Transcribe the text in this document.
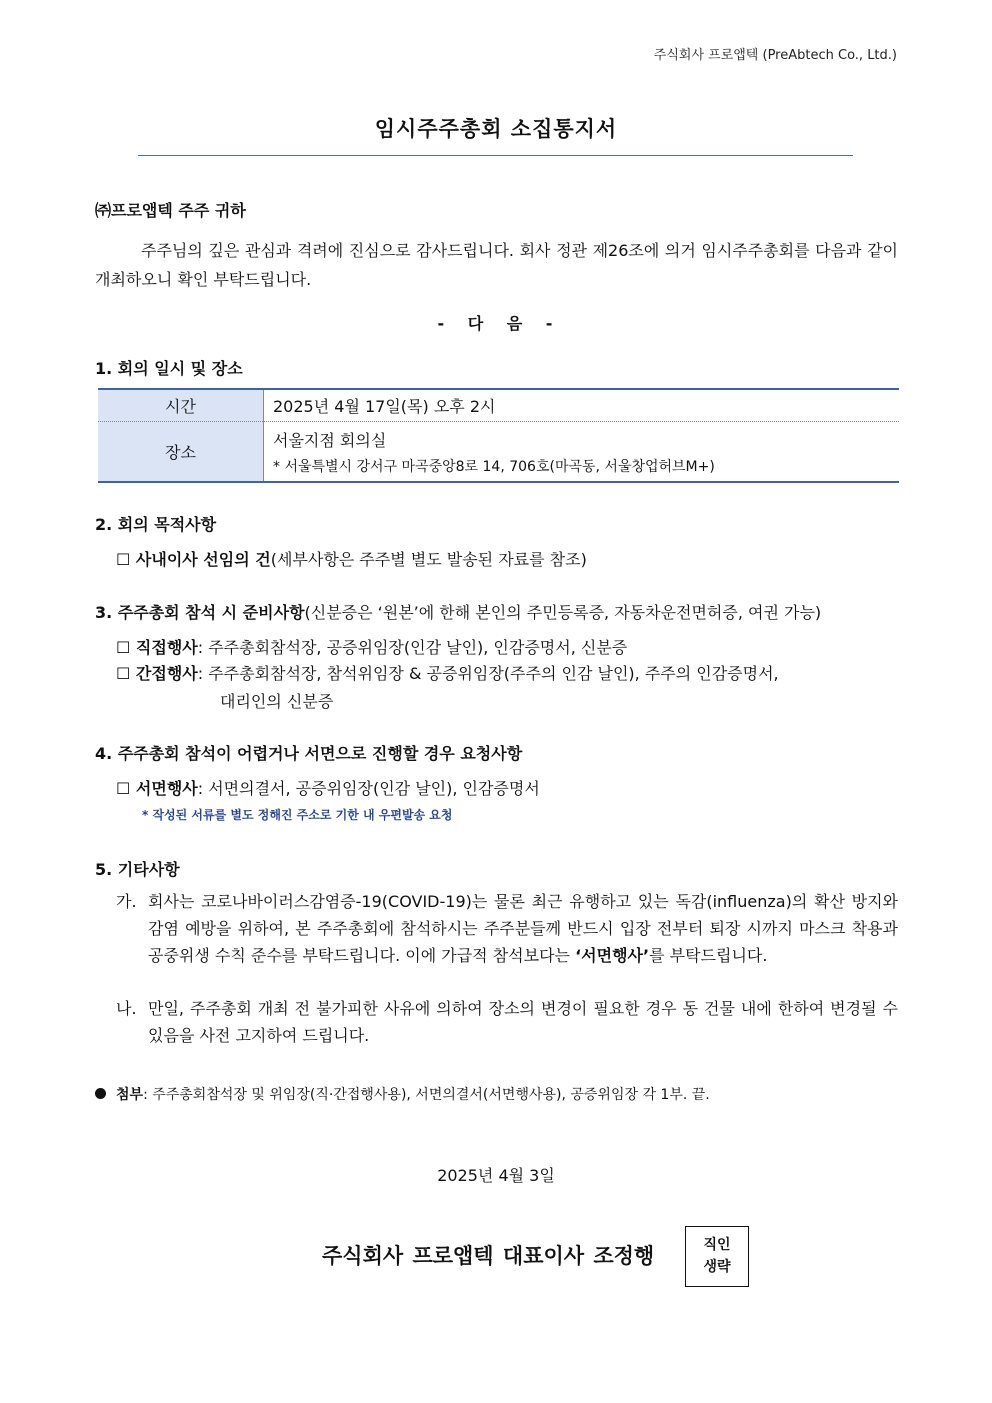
주식회사 프로앱텍 (PreAbtech Co., Ltd.)
임시주주총회 소집통지서
㈜프로앱텍 주주 귀하
주주님의 깊은 관심과 격려에 진심으로 감사드립니다. 회사 정관 제26조에 의거 임시주주총회를 다음과 같이 개최하오니 확인 부탁드립니다.
- 다 음 -
1. 회의 일시 및 장소
시간	2025년 4월 17일(목) 오후 2시
장소	서울지점 회의실
* 서울특별시 강서구 마곡중앙8로 14, 706호(마곡동, 서울창업허브M+)
2. 회의 목적사항
☐ 사내이사 선임의 건(세부사항은 주주별 별도 발송된 자료를 참조)
3. 주주총회 참석 시 준비사항(신분증은 ‘원본’에 한해 본인의 주민등록증, 자동차운전면허증, 여권 가능)
☐ 직접행사: 주주총회참석장, 공증위임장(인감 날인), 인감증명서, 신분증
☐ 간접행사: 주주총회참석장, 참석위임장 & 공증위임장(주주의 인감 날인), 주주의 인감증명서,
대리인의 신분증
4. 주주총회 참석이 어렵거나 서면으로 진행할 경우 요청사항
☐ 서면행사: 서면의결서, 공증위임장(인감 날인), 인감증명서
* 작성된 서류를 별도 정해진 주소로 기한 내 우편발송 요청
5. 기타사항
가. 회사는 코로나바이러스감염증-19(COVID-19)는 물론 최근 유행하고 있는 독감(influenza)의 확산 방지와 감염 예방을 위하여, 본 주주총회에 참석하시는 주주분들께 반드시 입장 전부터 퇴장 시까지 마스크 착용과 공중위생 수칙 준수를 부탁드립니다. 이에 가급적 참석보다는 ‘서면행사’를 부탁드립니다.
나. 만일, 주주총회 개최 전 불가피한 사유에 의하여 장소의 변경이 필요한 경우 동 건물 내에 한하여 변경될 수 있음을 사전 고지하여 드립니다.
첨부: 주주총회참석장 및 위임장(직·간접행사용), 서면의결서(서면행사용), 공증위임장 각 1부. 끝.
2025년 4월 3일
주식회사 프로앱텍 대표이사 조정행	직인
생략
